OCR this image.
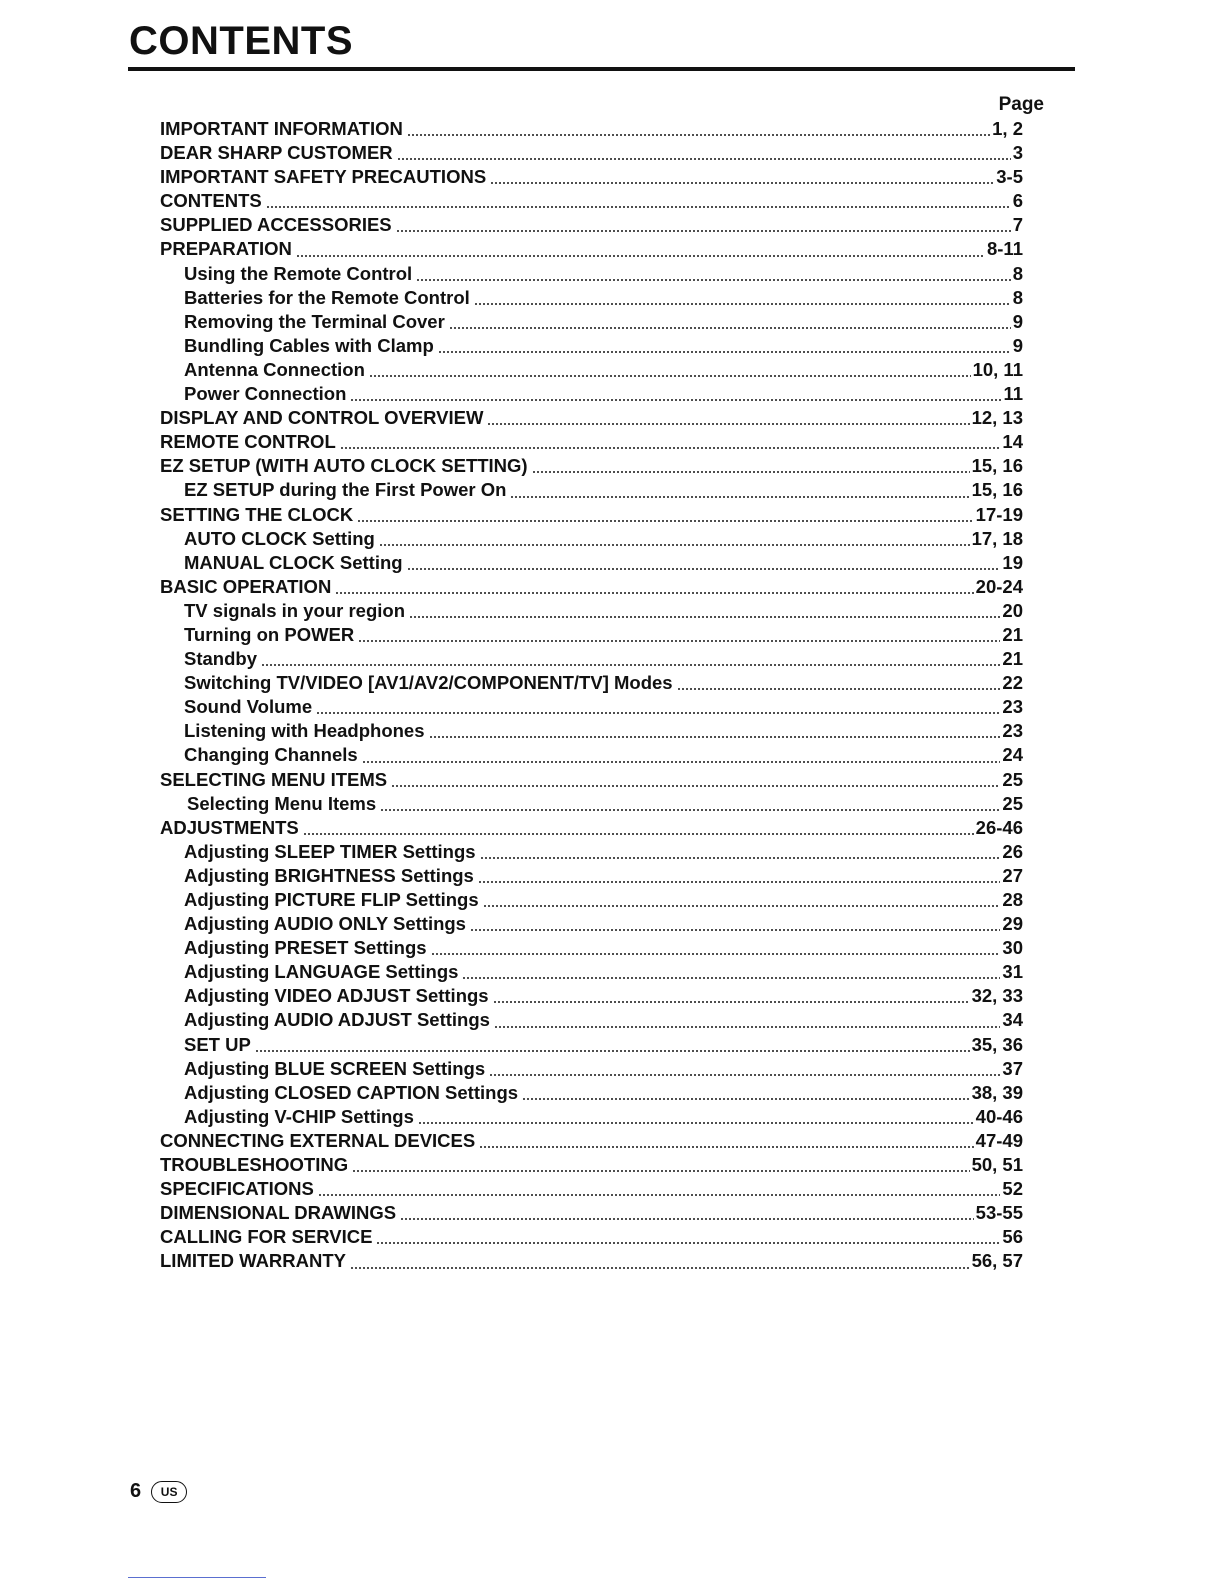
CONTENTS
Page
IMPORTANT INFORMATION	1, 2
DEAR SHARP CUSTOMER	3
IMPORTANT SAFETY PRECAUTIONS	3-5
CONTENTS	6
SUPPLIED ACCESSORIES	7
PREPARATION	8-11
Using the Remote Control	8
Batteries for the Remote Control	8
Removing the Terminal Cover	9
Bundling Cables with Clamp	9
Antenna Connection	10, 11
Power Connection	11
DISPLAY AND CONTROL OVERVIEW	12, 13
REMOTE CONTROL	14
EZ SETUP (WITH AUTO CLOCK SETTING)	15, 16
EZ SETUP during the First Power On	15, 16
SETTING THE CLOCK	17-19
AUTO CLOCK Setting	17, 18
MANUAL CLOCK Setting	19
BASIC OPERATION	20-24
TV signals in your region	20
Turning on POWER	21
Standby	21
Switching TV/VIDEO [AV1/AV2/COMPONENT/TV] Modes	22
Sound Volume	23
Listening with Headphones	23
Changing Channels	24
SELECTING MENU ITEMS	25
Selecting Menu Items	25
ADJUSTMENTS	26-46
Adjusting SLEEP TIMER Settings	26
Adjusting BRIGHTNESS Settings	27
Adjusting PICTURE FLIP Settings	28
Adjusting AUDIO ONLY Settings	29
Adjusting PRESET Settings	30
Adjusting LANGUAGE Settings	31
Adjusting VIDEO ADJUST Settings	32, 33
Adjusting AUDIO ADJUST Settings	34
SET UP	35, 36
Adjusting BLUE SCREEN Settings	37
Adjusting CLOSED CAPTION Settings	38, 39
Adjusting V-CHIP Settings	40-46
CONNECTING EXTERNAL DEVICES	47-49
TROUBLESHOOTING	50, 51
SPECIFICATIONS	52
DIMENSIONAL DRAWINGS	53-55
CALLING FOR SERVICE	56
LIMITED WARRANTY	56, 57
6	US
